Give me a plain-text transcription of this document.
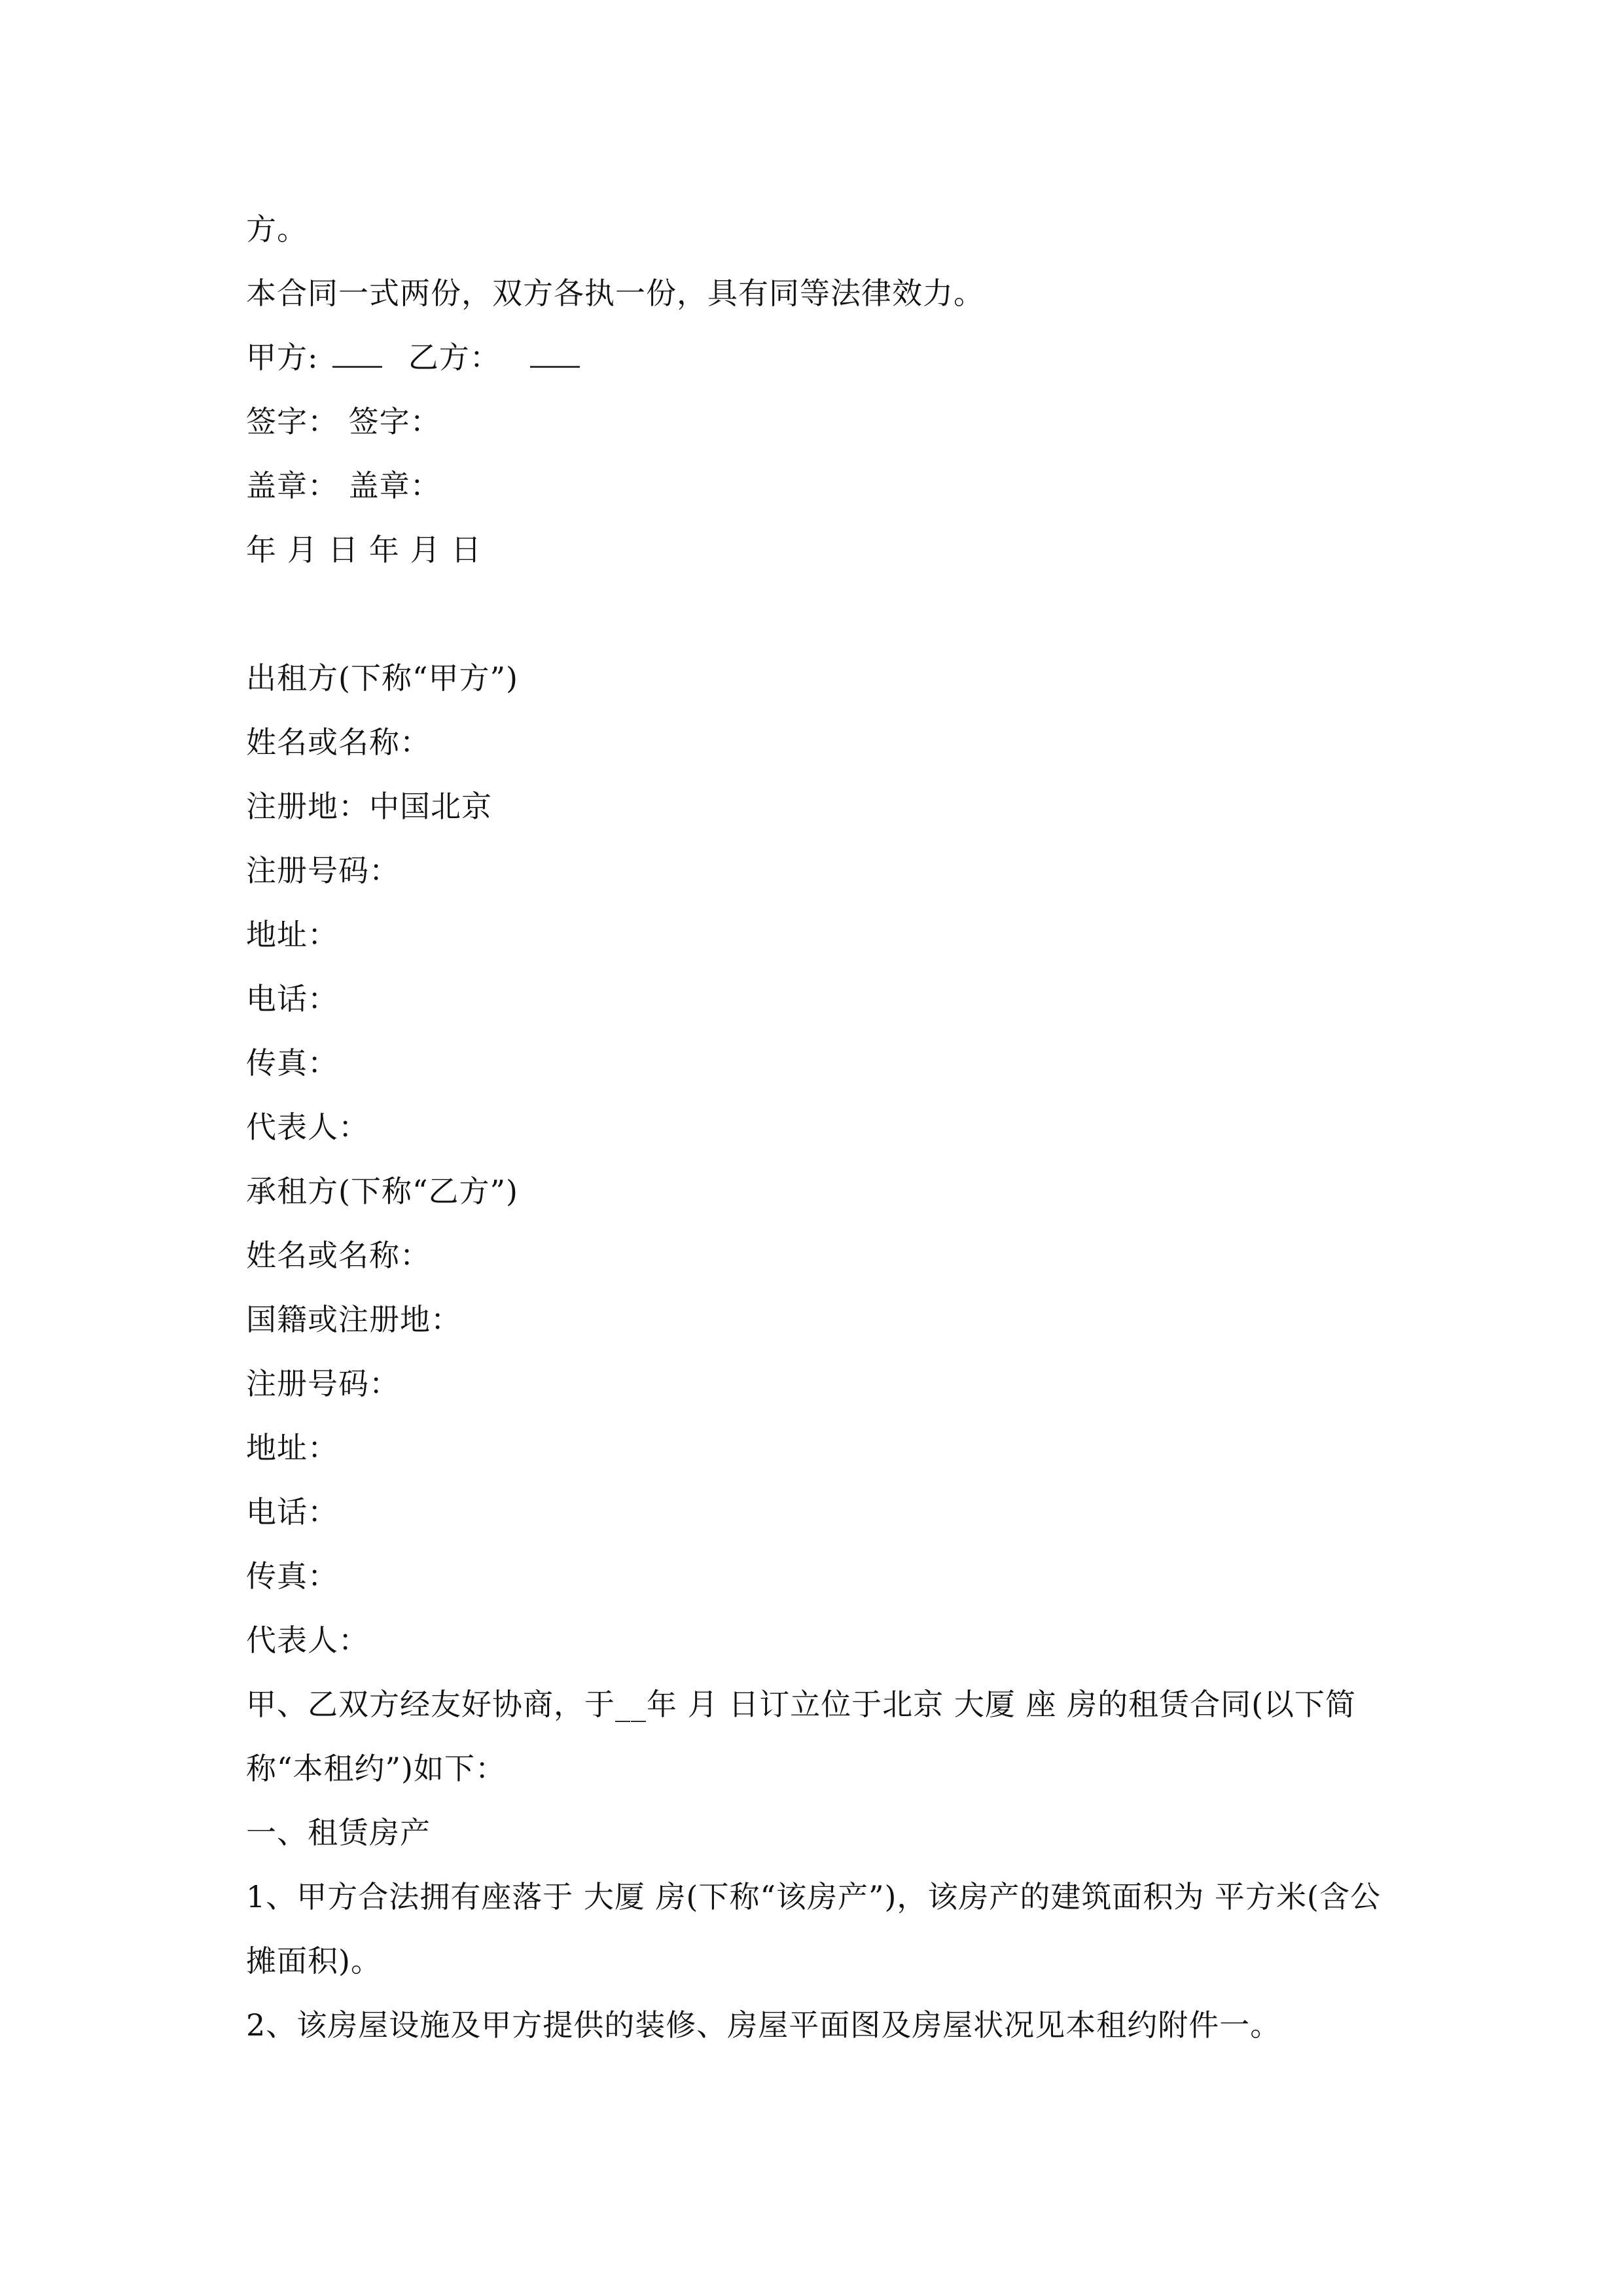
方。
本合同一式两份，双方各执一份，具有同等法律效力。
甲方:	乙方：
签字： 签字：
盖章： 盖章：
年 月 日 年 月 日
出租方(下称“甲方”)
姓名或名称：
注册地：中国北京
注册号码：
地址：
电话：
传真：
代表人：
承租方(下称“乙方”)
姓名或名称：
国籍或注册地：
注册号码：
地址：
电话：
传真：
代表人：
甲、乙双方经友好协商，于__年 月 日订立位于北京 大厦 座 房的租赁合同(以下简称“本租约”)如下：
一、租赁房产
1、甲方合法拥有座落于 大厦 房(下称“该房产”)，该房产的建筑面积为 平方米(含公摊面积)。
2、该房屋设施及甲方提供的装修、房屋平面图及房屋状况见本租约附件一。
